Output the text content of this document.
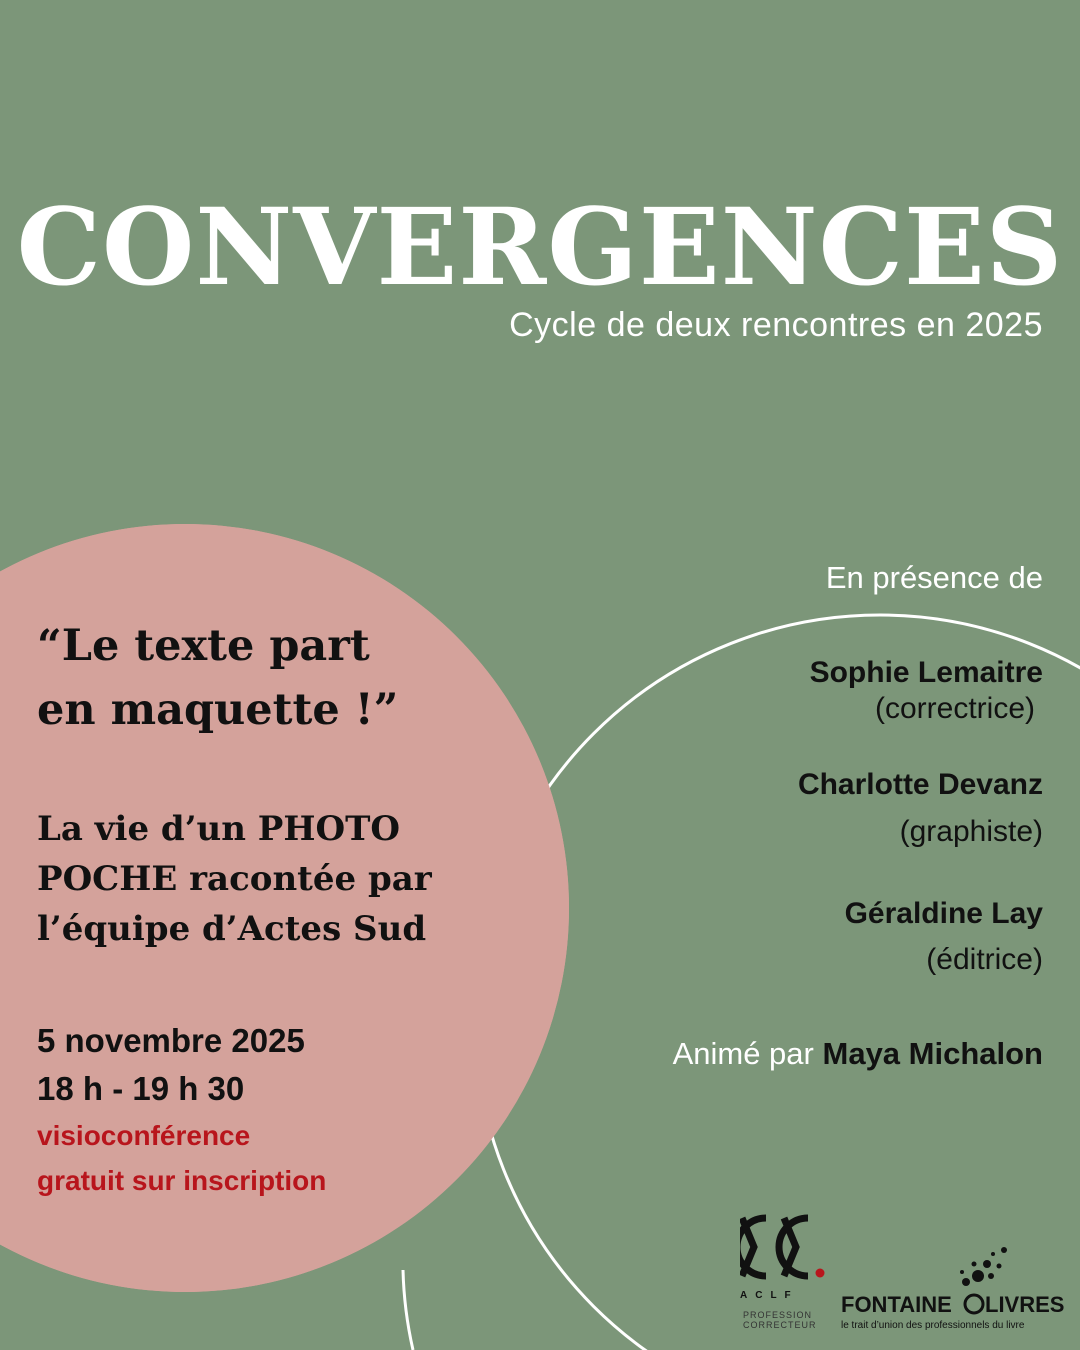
CONVERGENCES

Cycle de deux rencontres en 2025

“Le texte part
en maquette !”
La vie d’un PHOTO
POCHE racontée par
l’équipe d’Actes Sud

5 novembre 2025

18 h - 19 h 30

visioconférence

gratuit sur inscription

En présence de

Sophie Lemaitre

(correctrice)

Charlotte Devanz

(graphiste)

Géraldine Lay

(éditrice)

Animé par Maya Michalon

ACLF
PROFESSION
CORRECTEUR
FONTAINE LIVRES
le trait d’union des professionnels du livre
